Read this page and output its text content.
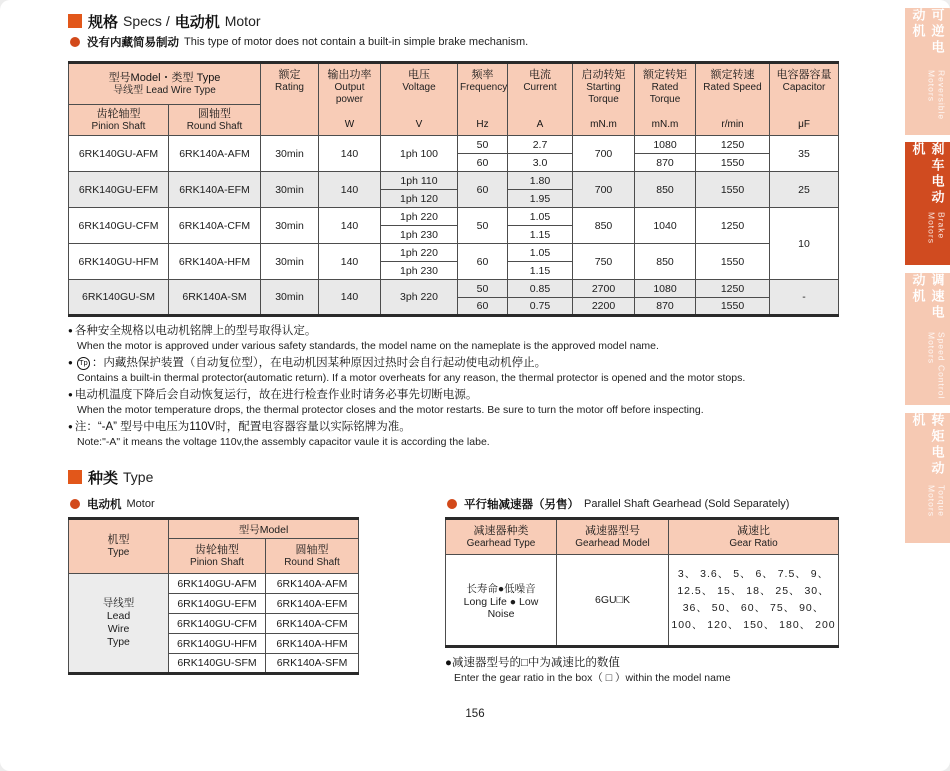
规格 Specs / 电动机 Motor
没有内藏简易制动 This type of motor does not contain a built-in simple brake mechanism.
型号Model・类型 Type
导线型 Lead Wire Type

额定
Rating

输出功率
Output power
W

电压
Voltage
V

频率
Frequency
Hz

电流
Current
A

启动转矩
Starting Torque
mN.m

额定转矩
Rated Torque
mN.m

额定转速
Rated Speed
r/min

电容器容量
Capacitor
μF

齿轮轴型
Pinion Shaft

圆轴型
Round Shaft

6RK140GU-AFM	6RK140A-AFM	30min	140	1ph 100	50	2.7	700	1080	1250	35
					60	3.0		870	1550	
6RK140GU-EFM	6RK140A-EFM	30min	140	1ph 110	60	1.80	700	850	1550	25
				1ph 120		1.95				
6RK140GU-CFM	6RK140A-CFM	30min	140	1ph 220	50	1.05	850	1040	1250	10
				1ph 230		1.15				
6RK140GU-HFM	6RK140A-HFM	30min	140	1ph 220	60	1.05	750	850	1550	
				1ph 230		1.15				
6RK140GU-SM	6RK140A-SM	30min	140	3ph 220	50	0.85	2700	1080	1250	-
					60	0.75	2200	870	1550	
● 各种安全规格以电动机铭牌上的型号取得认定。
When the motor is approved under various safety standards, the model name on the nameplate is the approved model name.
● Tp ：内藏热保护装置（自动复位型），在电动机因某种原因过热时会自行起动使电动机停止。
Contains a built-in thermal protector(automatic return). If a motor overheats for any reason, the thermal protector is opened and the motor stops.
● 电动机温度下降后会自动恢复运行，故在进行检查作业时请务必事先切断电源。
When the motor temperature drops, the thermal protector closes and the motor restarts. Be sure to turn the motor off before inspecting.
● 注：“-A” 型号中电压为110V时，配置电容器容量以实际铭牌为准。
Note:"-A" it means the voltage 110v,the assembly capacitor vaule it is according the labe.
种类 Type
电动机 Motor
机型
Type	型号Model	

齿轮轴型
Pinion Shaft

圆轴型
Round Shaft

导线型
Lead
Wire
Type	6RK140GU-AFM	6RK140A-AFM
	6RK140GU-EFM	6RK140A-EFM
	6RK140GU-CFM	6RK140A-CFM
	6RK140GU-HFM	6RK140A-HFM
	6RK140GU-SFM	6RK140A-SFM
平行轴减速器（另售） Parallel Shaft Gearhead (Sold Separately)
减速器种类
Gearhead Type

减速器型号
Gearhead Model

减速比
Gear Ratio

长寿命●低噪音
Long Life ● Low
Noise
	6GU□K	
3、 3.6、 5、 6、 7.5、 9、
12.5、 15、 18、 25、 30、
36、 50、 60、 75、 90、
100、 120、 150、 180、 200
● 减速器型号的□中为减速比的数值
Enter the gear ratio in the box（ □ ）within the model name
可逆电动机
Reversible Motors
刹车电动机
Brake Motors
调速电动机
Speed Control Motors
转矩电动机
Torque Motors
156
